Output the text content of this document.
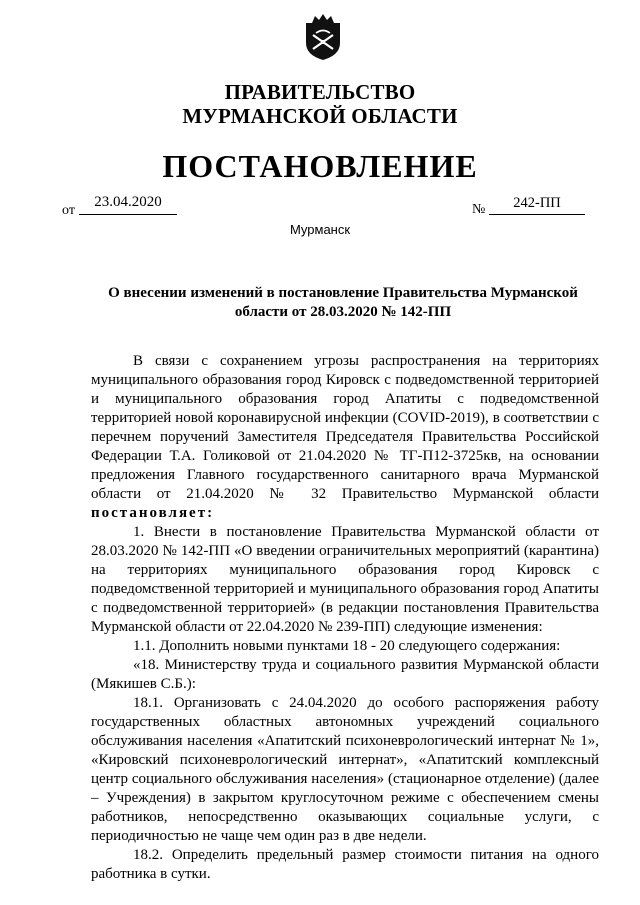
ПРАВИТЕЛЬСТВО
МУРМАНСКОЙ ОБЛАСТИ
ПОСТАНОВЛЕНИЕ
от
23.04.2020	№	242-ПП
Мурманск
О внесении изменений в постановление Правительства Мурманской области от 28.03.2020 № 142-ПП

В связи с сохранением угрозы распространения на территориях муниципального образования город Кировск с подведомственной территорией и муниципального образования город Апатиты с подведомственной территорией новой коронавирусной инфекции (COVID-2019), в соответствии с перечнем поручений Заместителя Председателя Правительства Российской Федерации Т.А. Голиковой от 21.04.2020 № ТГ-П12-3725кв, на основании предложения Главного государственного санитарного врача Мурманской области от 21.04.2020 № 32 Правительство Мурманской области постановляет:

1. Внести в постановление Правительства Мурманской области от 28.03.2020 № 142-ПП «О введении ограничительных мероприятий (карантина) на территориях муниципального образования город Кировск с подведомственной территорией и муниципального образования город Апатиты с подведомственной территорией» (в редакции постановления Правительства Мурманской области от 22.04.2020 № 239-ПП) следующие изменения:

1.1. Дополнить новыми пунктами 18 - 20 следующего содержания:

«18. Министерству труда и социального развития Мурманской области (Мякишев С.Б.):

18.1. Организовать с 24.04.2020 до особого распоряжения работу государственных областных автономных учреждений социального обслуживания населения «Апатитский психоневрологический интернат № 1», «Кировский психоневрологический интернат», «Апатитский комплексный центр социального обслуживания населения» (стационарное отделение) (далее – Учреждения) в закрытом круглосуточном режиме с обеспечением смены работников, непосредственно оказывающих социальные услуги, с периодичностью не чаще чем один раз в две недели.

18.2. Определить предельный размер стоимости питания на одного работника в сутки.
